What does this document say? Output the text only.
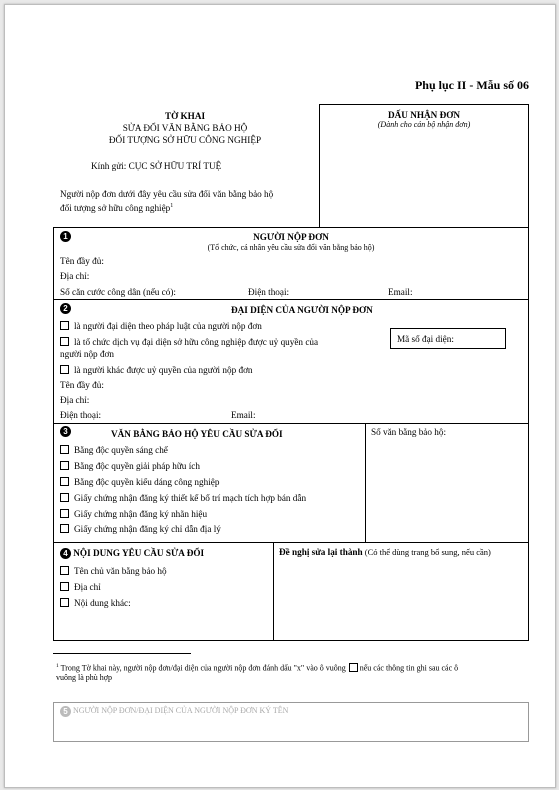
Phụ lục II - Mẫu số 06
TỜ KHAI
SỬA ĐỔI VĂN BẰNG BẢO HỘ
ĐỐI TƯỢNG SỞ HỮU CÔNG NGHIỆP
Kính gửi: CỤC SỞ HỮU TRÍ TUỆ
Người nộp đơn dưới đây yêu cầu sửa đổi văn bằng bảo hộ
đối tượng sở hữu công nghiệp$^1$
DẤU NHẬN ĐƠN
(Dành cho cán bộ nhận đơn)
1	NGƯỜI NỘP ĐƠN
(Tổ chức, cá nhân yêu cầu sửa đổi văn bằng bảo hộ)
Tên đầy đủ:
Địa chỉ:
Số căn cước công dân (nếu có):	Điện thoại:	Email:
2	ĐẠI DIỆN CỦA NGƯỜI NỘP ĐƠN
là người đại diện theo pháp luật của người nộp đơn
là tổ chức dịch vụ đại diện sở hữu công nghiệp được uỷ quyền của
người nộp đơn
là người khác được uỷ quyền của người nộp đơn
Mã số đại diện:
Tên đầy đủ:
Địa chỉ:
Điện thoại:	Email:
3	VĂN BẰNG BẢO HỘ YÊU CẦU SỬA ĐỔI	Số văn bằng bảo hộ:
Bằng độc quyền sáng chế
Bằng độc quyền giải pháp hữu ích
Bằng độc quyền kiểu dáng công nghiệp
Giấy chứng nhận đăng ký thiết kế bố trí mạch tích hợp bán dẫn
Giấy chứng nhận đăng ký nhãn hiệu
Giấy chứng nhận đăng ký chỉ dẫn địa lý
4 NỘI DUNG YÊU CẦU SỬA ĐỔI
Tên chủ văn bằng bảo hộ
Địa chỉ
Nội dung khác:
Đề nghị sửa lại thành (Có thể dùng trang bổ sung, nếu cần)
$^1$ Trong Tờ khai này, người nộp đơn/đại diện của người nộp đơn đánh dấu "x" vào ô vuông nếu các thông tin ghi sau các ô
vuông là phù hợp
5 NGƯỜI NỘP ĐƠN/ĐẠI DIỆN CỦA NGƯỜI NỘP ĐƠN KÝ TÊN
